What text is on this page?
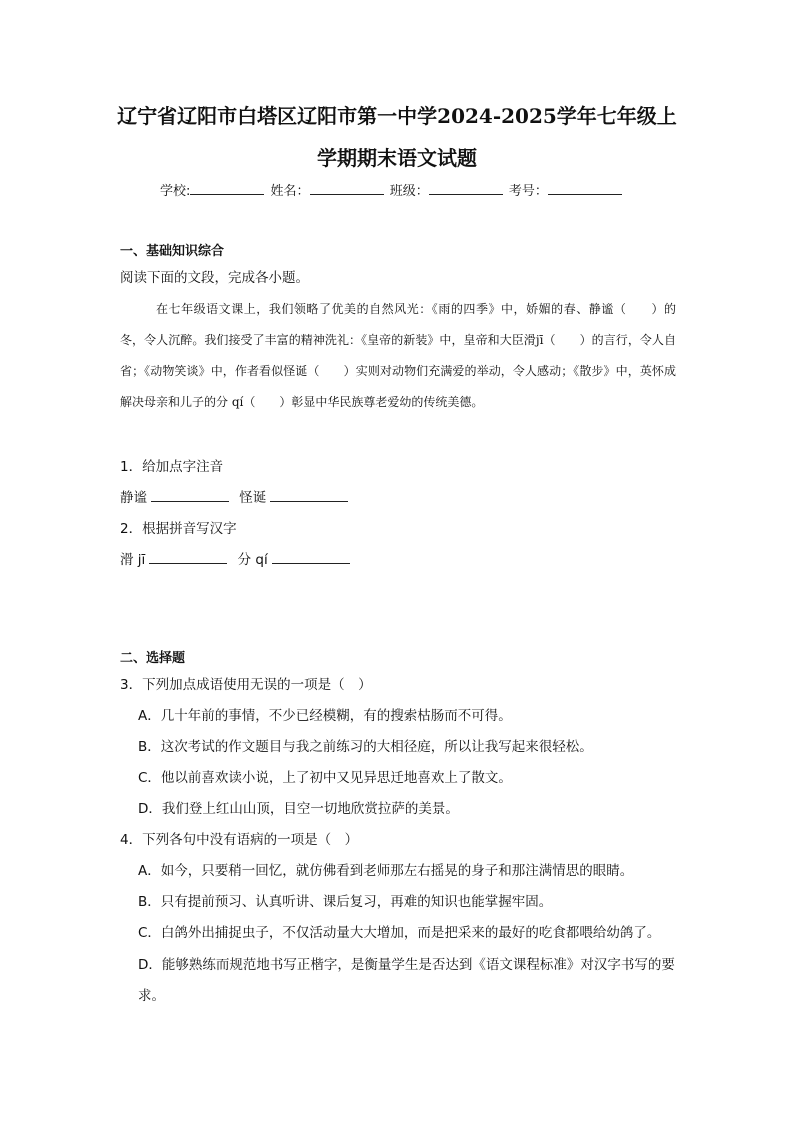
辽宁省辽阳市白塔区辽阳市第一中学2024-2025学年七年级上
学期期末语文试题
学校:	姓名：	班级：	考号：
一、基础知识综合
阅读下面的文段，完成各小题。

在七年级语文课上，我们领略了优美的自然风光：《雨的四季》中，娇媚的春、静谧（　　）的冬，令人沉醉。我们接受了丰富的精神洗礼：《皇帝的新装》中，皇帝和大臣滑jī（　　）的言行，令人自省；《动物笑谈》中，作者看似怪诞（　　）实则对动物们充满爱的举动，令人感动；《散步》中，英怀成解决母亲和儿子的分 qí（　　）彰显中华民族尊老爱幼的传统美德。

1．给加点字注音
静谧	怪诞
2．根据拼音写汉字
滑 jī	分 qí
二、选择题
3．下列加点成语使用无误的一项是（　）
A．几十年前的事情，不少已经模糊，有的搜索枯肠而不可得。
B．这次考试的作文题目与我之前练习的大相径庭，所以让我写起来很轻松。
C．他以前喜欢读小说，上了初中又见异思迁地喜欢上了散文。
D．我们登上红山山顶，目空一切地欣赏拉萨的美景。
4．下列各句中没有语病的一项是（　）
A．如今，只要稍一回忆，就仿佛看到老师那左右摇晃的身子和那注满情思的眼睛。
B．只有提前预习、认真听讲、课后复习，再难的知识也能掌握牢固。
C．白鸽外出捕捉虫子，不仅活动量大大增加，而是把采来的最好的吃食都喂给幼鸽了。
D．能够熟练而规范地书写正楷字，是衡量学生是否达到《语文课程标准》对汉字书写的要求。
